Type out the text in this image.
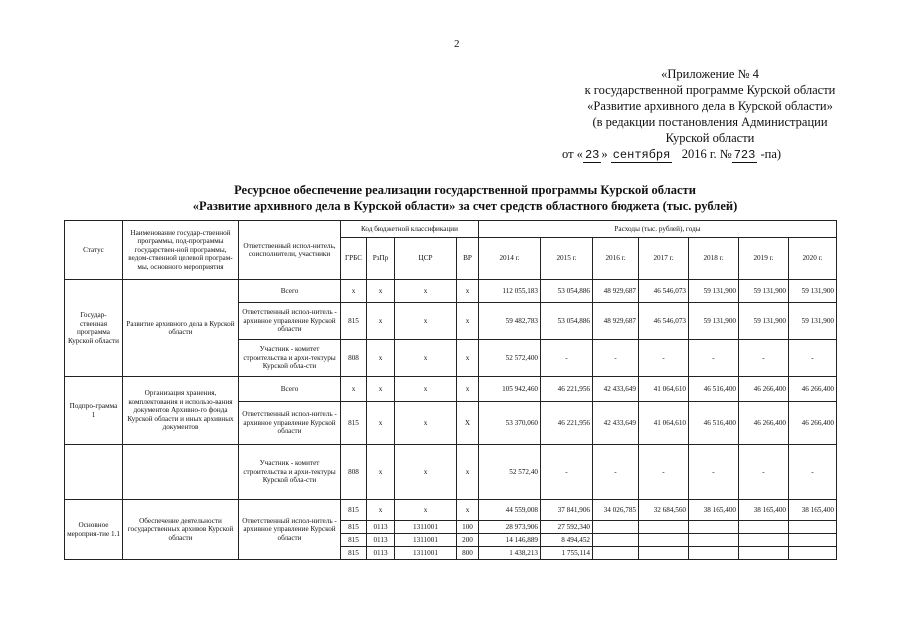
2
«Приложение № 4
к государственной программе Курской области
«Развитие архивного дела в Курской области»
(в редакции постановления Администрации
Курской области
от « 23 » сентября 2016 г. № 723 -па)
Ресурсное обеспечение реализации государственной программы Курской области
«Развитие архивного дела в Курской области» за счет средств областного бюджета (тыс. рублей)
Статус	Наименование государ-ственной программы, под-программы государствен-ной программы, ведом-ственной целевой програм-мы, основного мероприятия	Ответственный испол-нитель, соисполнители, участники	Код бюджетной классификации				Расходы (тыс. рублей), годы						
			ГРБС	РзПр	ЦСР	ВР	2014 г.	2015 г.	2016 г.	2017 г.	2018 г.	2019 г.	2020 г.
Государ-ственная программа Курской области	Развитие архивного дела в Курской области	Всего	х	х	х	х	112 055,183	53 054,886	48 929,687	46 546,073	59 131,900	59 131,900	59 131,900
		Ответственный испол-нитель - архивное управление Курской области	815	х	х	х	59 482,783	53 054,886	48 929,687	46 546,073	59 131,900	59 131,900	59 131,900
		Участник - комитет строительства и архи-тектуры Курской обла-сти	808	х	х	х	52 572,400	-	-	-	-	-	-
Подпро-грамма 1	Организация хранения, комплектования и использо-вания документов Архивно-го фонда Курской области и иных архивных документов	Всего	х	х	х	х	105 942,460	46 221,956	42 433,649	41 064,610	46 516,400	46 266,400	46 266,400
		Ответственный испол-нитель - архивное управление Курской области	815	х	х	Х	53 370,060	46 221,956	42 433,649	41 064,610	46 516,400	46 266,400	46 266,400
		Участник - комитет строительства и архи-тектуры Курской обла-сти	808	х	х	х	52 572,40	-	-	-	-	-	-
Основное мероприя-тие 1.1	Обеспечение деятельности государственных архивов Курской области	Ответственный испол-нитель - архивное управление Курской области	815	х	х	х	44 559,008	37 841,906	34 026,785	32 684,560	38 165,400	38 165,400	38 165,400
			815	0113	1311001	100	28 973,906	27 592,340					
			815	0113	1311001	200	14 146,889	8 494,452					
			815	0113	1311001	800	1 438,213	1 755,114					
